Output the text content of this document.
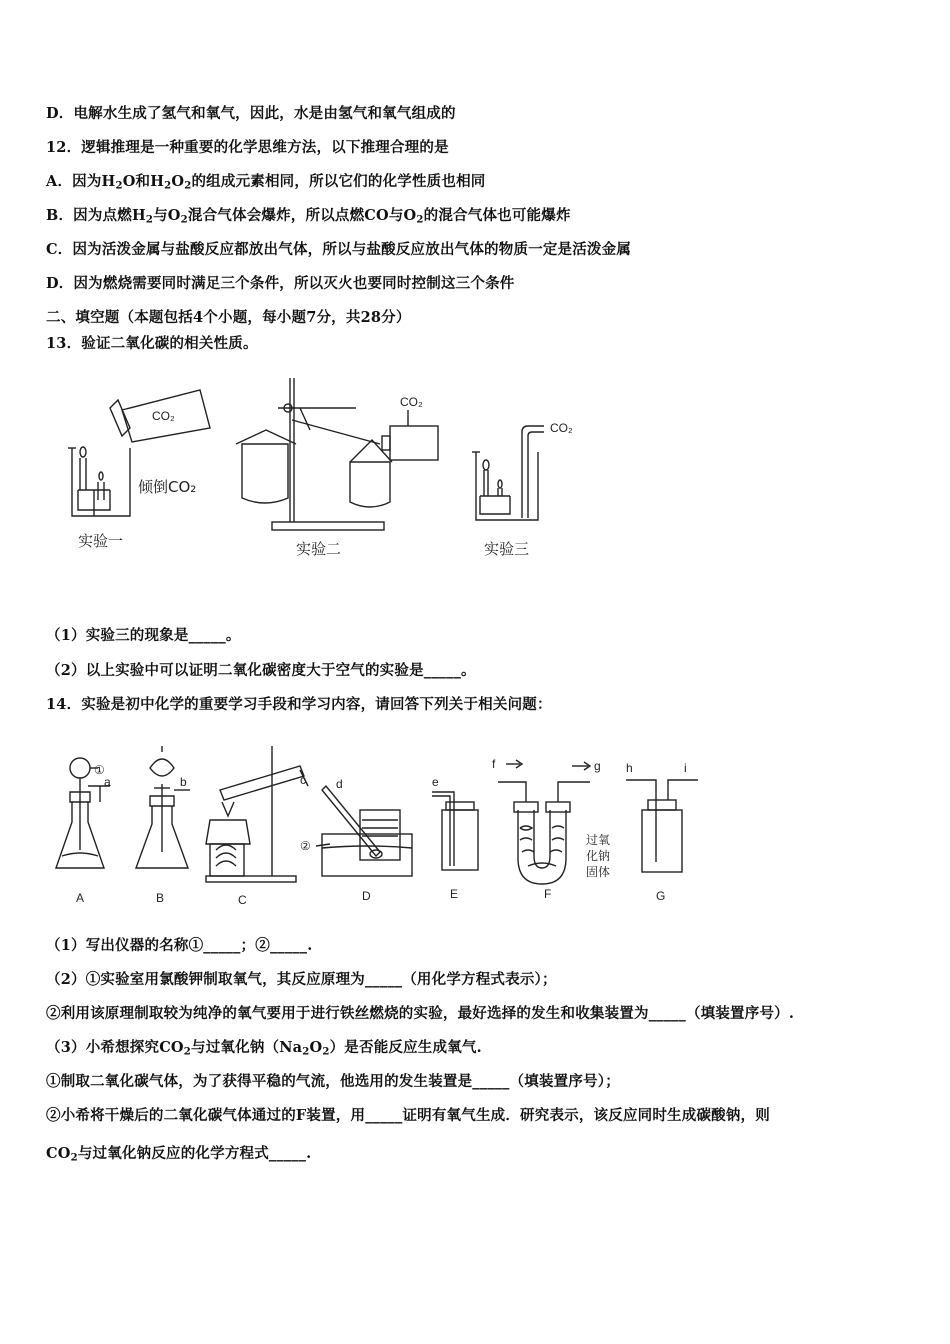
D．电解水生成了氢气和氧气，因此，水是由氢气和氧气组成的
12．逻辑推理是一种重要的化学思维方法，以下推理合理的是
A．因为$H_2O$和$H_2O_2$的组成元素相同，所以它们的化学性质也相同
B．因为点燃$H_2$与$O_2$混合气体会爆炸，所以点燃CO与$O_2$的混合气体也可能爆炸
C．因为活泼金属与盐酸反应都放出气体，所以与盐酸反应放出气体的物质一定是活泼金属
D．因为燃烧需要同时满足三个条件，所以灭火也要同时控制这三个条件
二、填空题（本题包括4个小题，每小题7分，共28分）
13．验证二氧化碳的相关性质。
CO₂
倾倒CO₂
实验一
CO₂
实验二
CO₂
实验三
（1）实验三的现象是_____。
（2）以上实验中可以证明二氧化碳密度大于空气的实验是_____。
14．实验是初中化学的重要学习手段和学习内容，请回答下列关于相关问题：
①
a
A
b
B
c
C
d
②
D
e
E
f	g
过氧
化钠
固体
F
h	i
G
（1）写出仪器的名称①_____；②_____.
（2）①实验室用氯酸钾制取氧气，其反应原理为_____（用化学方程式表示）；
②利用该原理制取较为纯净的氧气要用于进行铁丝燃烧的实验，最好选择的发生和收集装置为_____（填装置序号）.
（3）小希想探究$CO_2$与过氧化钠$(Na_2O_2)$是否能反应生成氧气.
①制取二氧化碳气体，为了获得平稳的气流，他选用的发生装置是_____（填装置序号）；
②小希将干燥后的二氧化碳气体通过的F装置，用_____证明有氧气生成．研究表示，该反应同时生成碳酸钠，则
$CO_2$与过氧化钠反应的化学方程式_____.
